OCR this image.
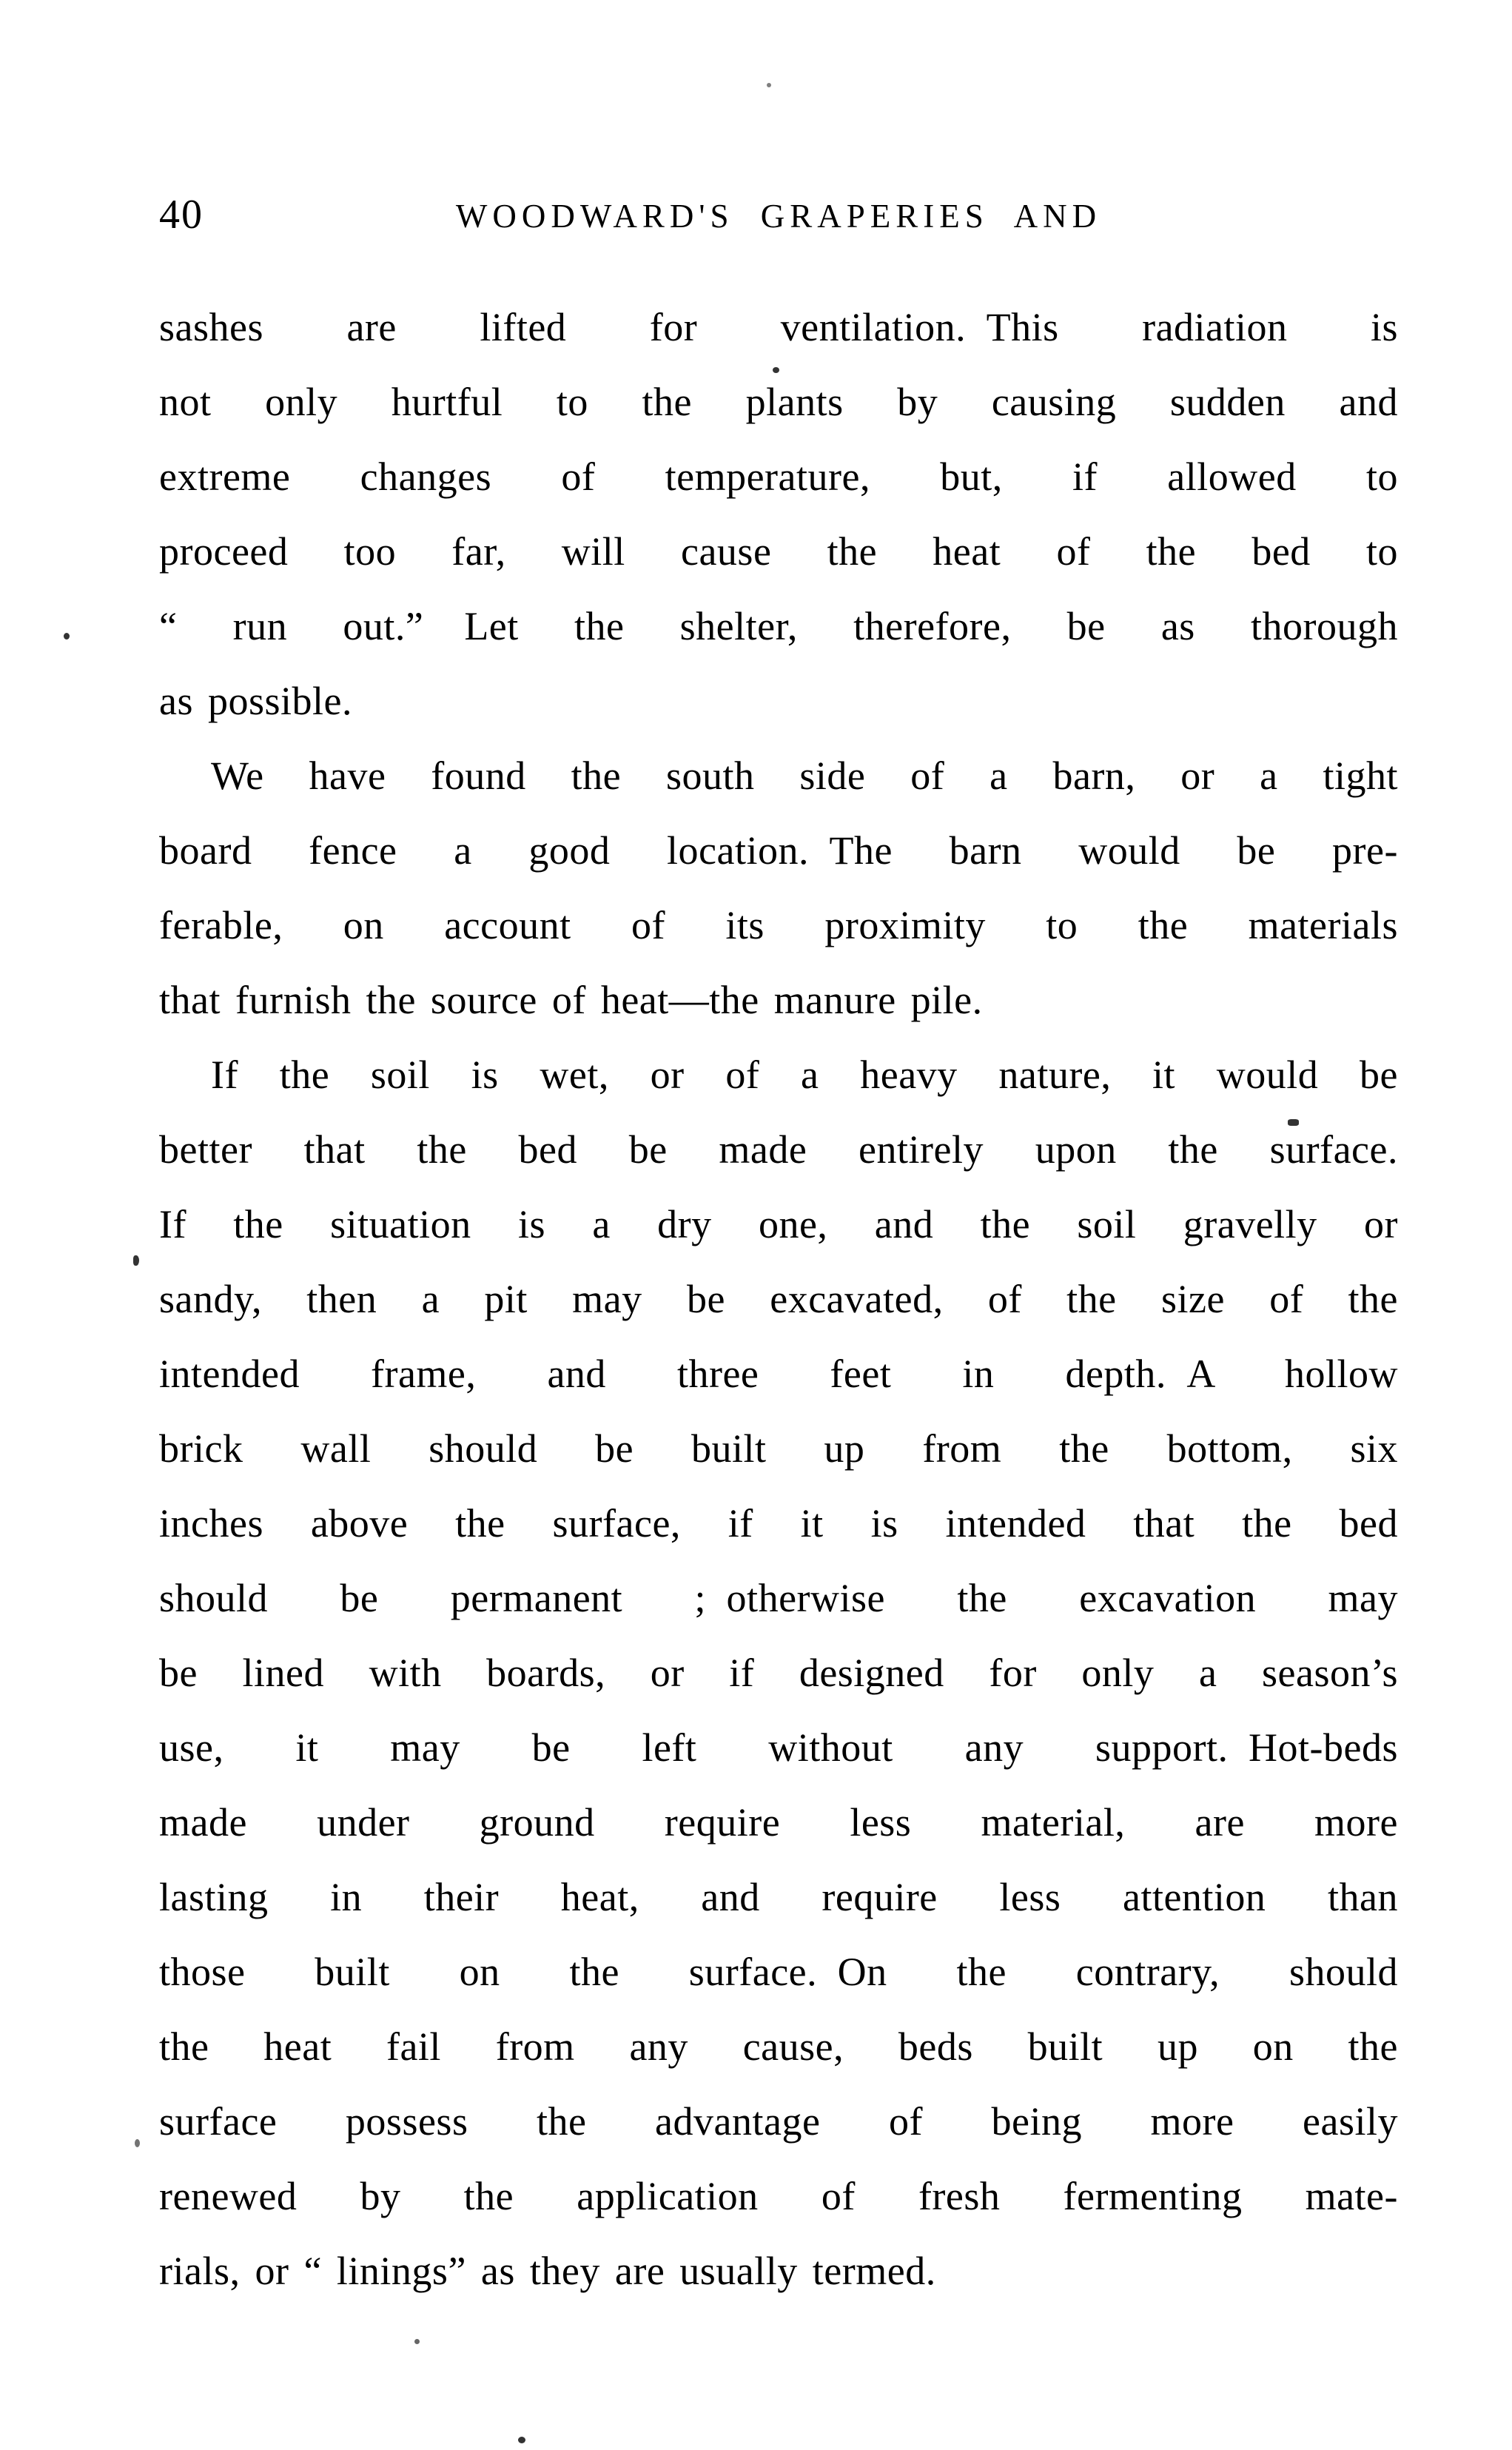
40	WOODWARD'S GRAPERIES AND
sashes are lifted for ventilation. This radiation is
not only hurtful to the plants by causing sudden and
extreme changes of temperature, but, if allowed to
proceed too far, will cause the heat of the bed to
“ run out.”  Let the shelter, therefore, be as thorough
as possible.
We have found the south side of a barn, or a tight
board fence a good location. The barn would be pre-
ferable, on account of its proximity to the materials
that furnish the source of heat—the manure pile.
If the soil is wet, or of a heavy nature, it would be
better that the bed be made entirely upon the surface.
If the situation is a dry one, and the soil gravelly or
sandy, then a pit may be excavated, of the size of the
intended frame, and three feet in depth. A hollow
brick wall should be built up from the bottom, six
inches above the surface, if it is intended that the bed
should be permanent ; otherwise the excavation may
be lined with boards, or if designed for only a season’s
use, it may be left without any support. Hot-beds
made under ground require less material, are more
lasting in their heat, and require less attention than
those built on the surface. On the contrary, should
the heat fail from any cause, beds built up on the
surface possess the advantage of being more easily
renewed by the application of fresh fermenting mate-
rials, or “ linings” as they are usually termed.
